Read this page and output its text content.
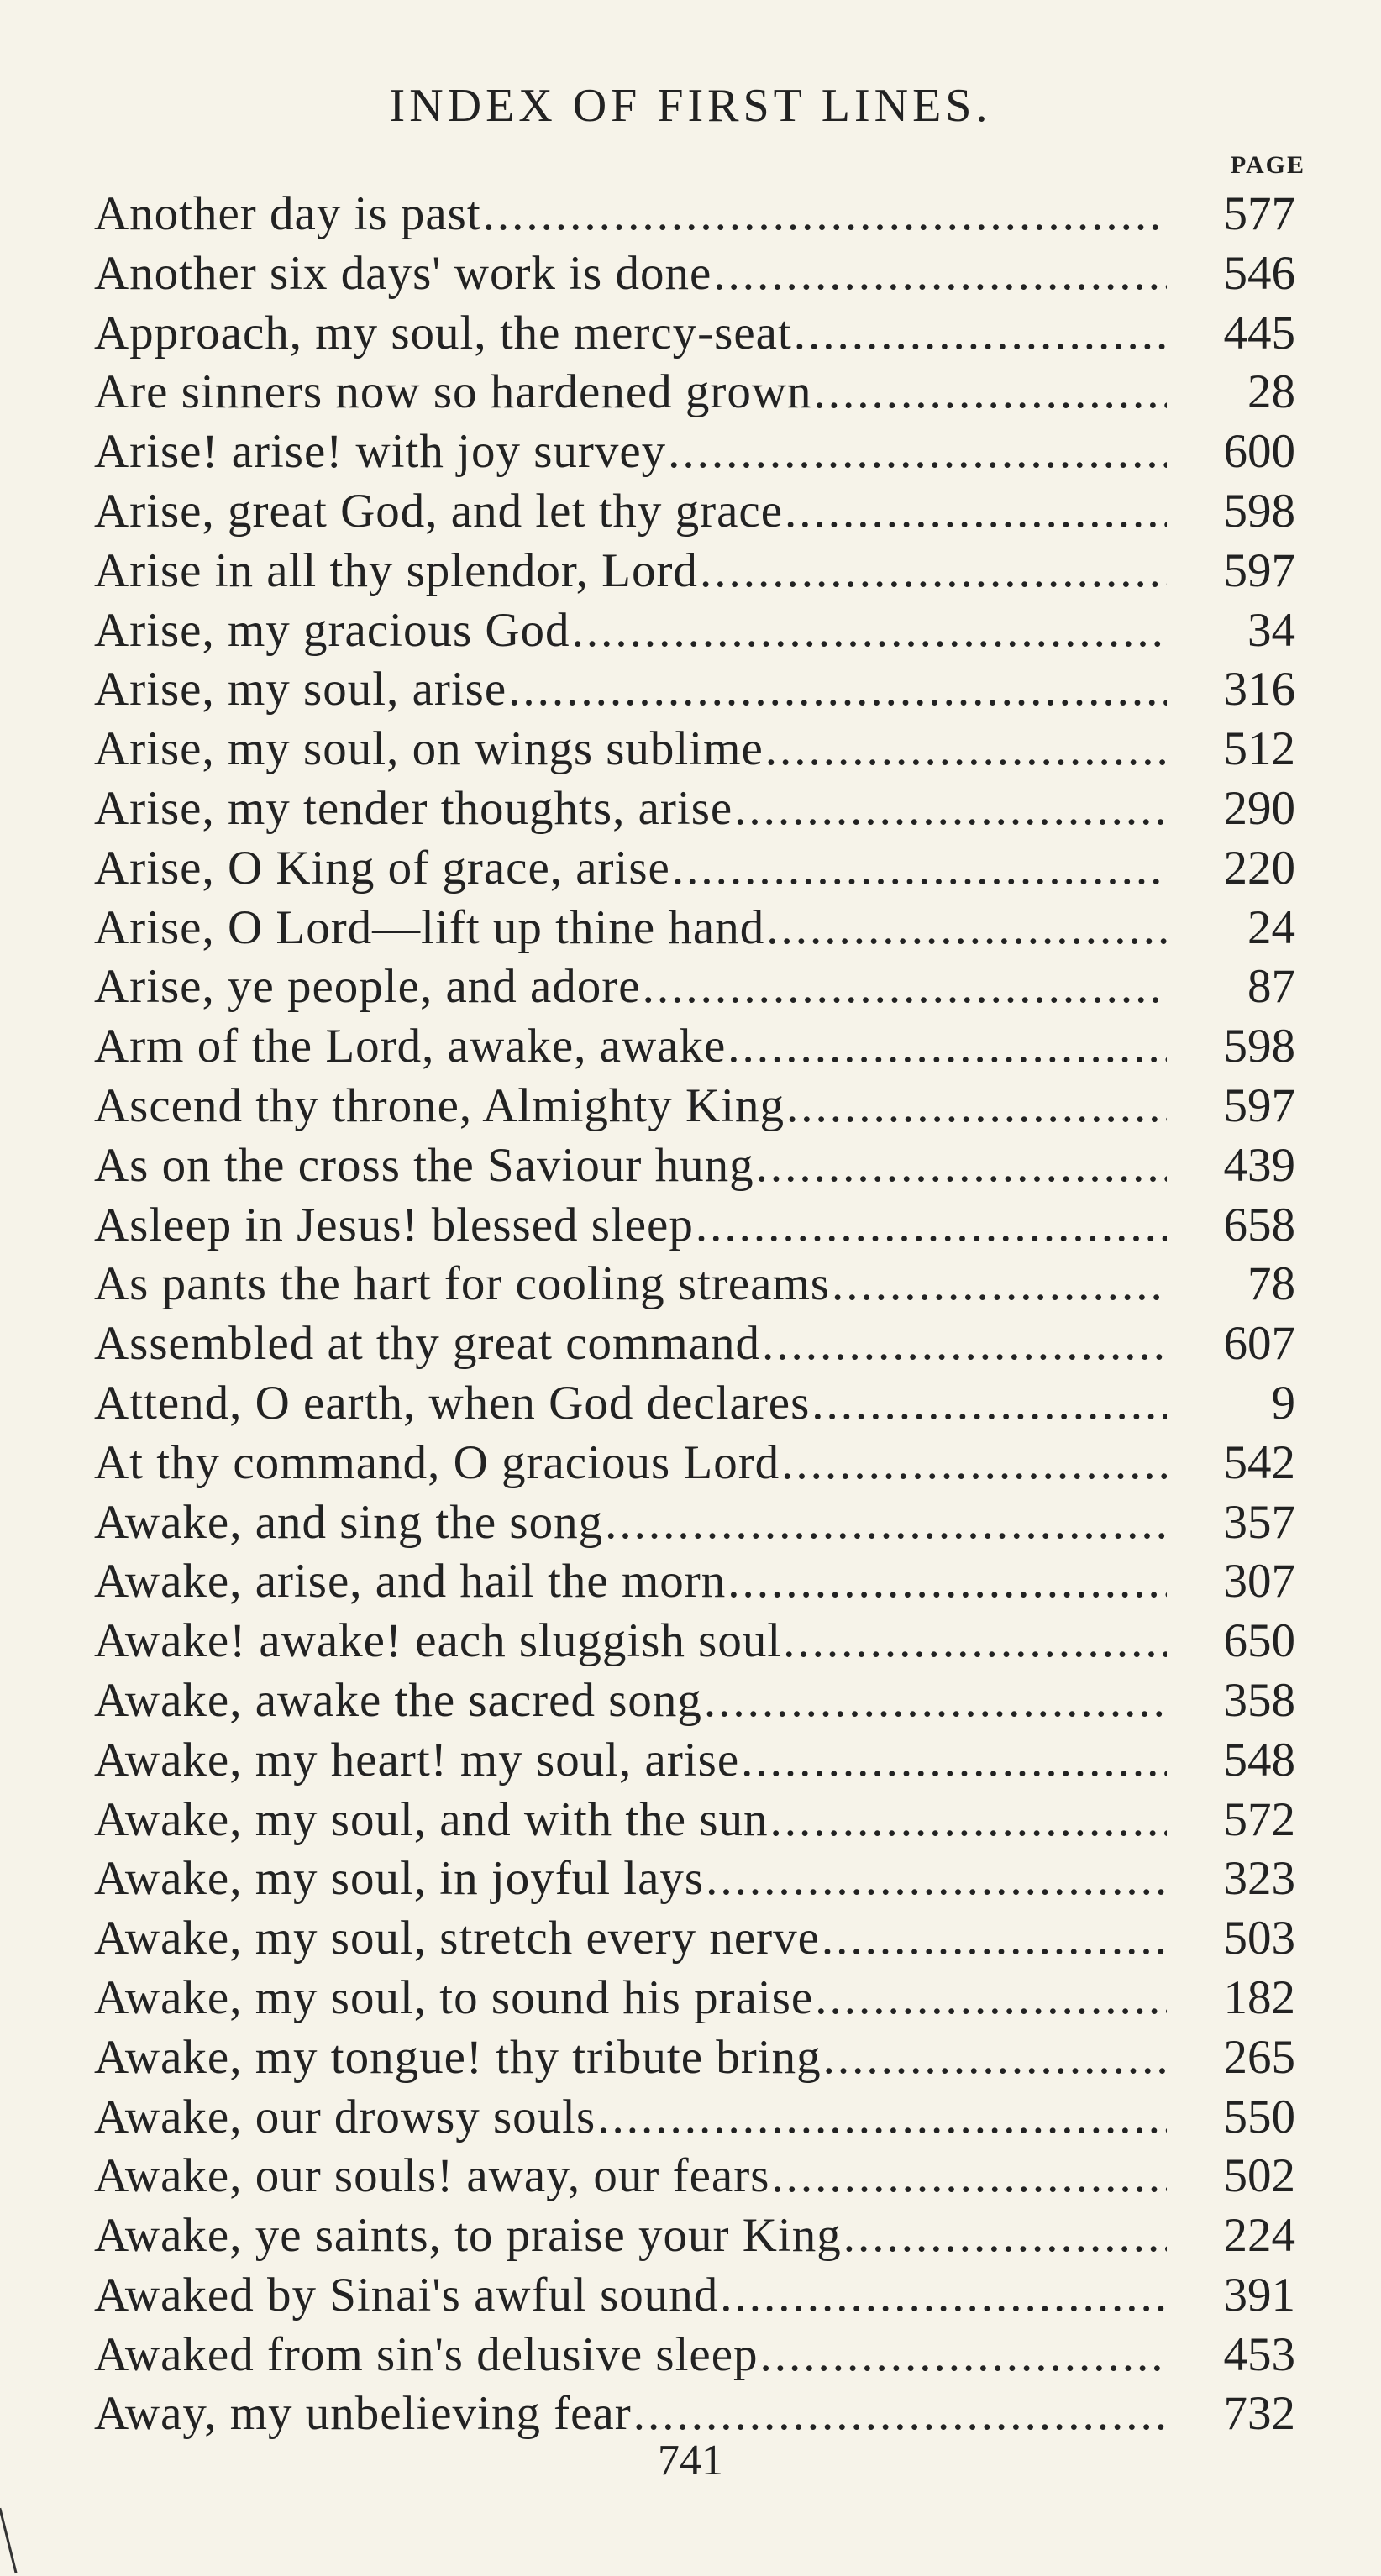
INDEX OF FIRST LINES.
PAGE
Another day is past .....	577
Another six days' work is done .....	546
Approach, my soul, the mercy-seat .....	445
Are sinners now so hardened grown .....	28
Arise! arise! with joy survey .....	600
Arise, great God, and let thy grace .....	598
Arise in all thy splendor, Lord .....	597
Arise, my gracious God .....	34
Arise, my soul, arise .....	316
Arise, my soul, on wings sublime .....	512
Arise, my tender thoughts, arise .....	290
Arise, O King of grace, arise .....	220
Arise, O Lord—lift up thine hand .....	24
Arise, ye people, and adore .....	87
Arm of the Lord, awake, awake .....	598
Ascend thy throne, Almighty King .....	597
As on the cross the Saviour hung .....	439
Asleep in Jesus! blessed sleep .....	658
As pants the hart for cooling streams .....	78
Assembled at thy great command .....	607
Attend, O earth, when God declares .....	9
At thy command, O gracious Lord .....	542
Awake, and sing the song .....	357
Awake, arise, and hail the morn .....	307
Awake! awake! each sluggish soul .....	650
Awake, awake the sacred song .....	358
Awake, my heart! my soul, arise .....	548
Awake, my soul, and with the sun .....	572
Awake, my soul, in joyful lays .....	323
Awake, my soul, stretch every nerve .....	503
Awake, my soul, to sound his praise .....	182
Awake, my tongue! thy tribute bring .....	265
Awake, our drowsy souls .....	550
Awake, our souls! away, our fears .....	502
Awake, ye saints, to praise your King .....	224
Awaked by Sinai's awful sound .....	391
Awaked from sin's delusive sleep .....	453
Away, my unbelieving fear .....	732
741
